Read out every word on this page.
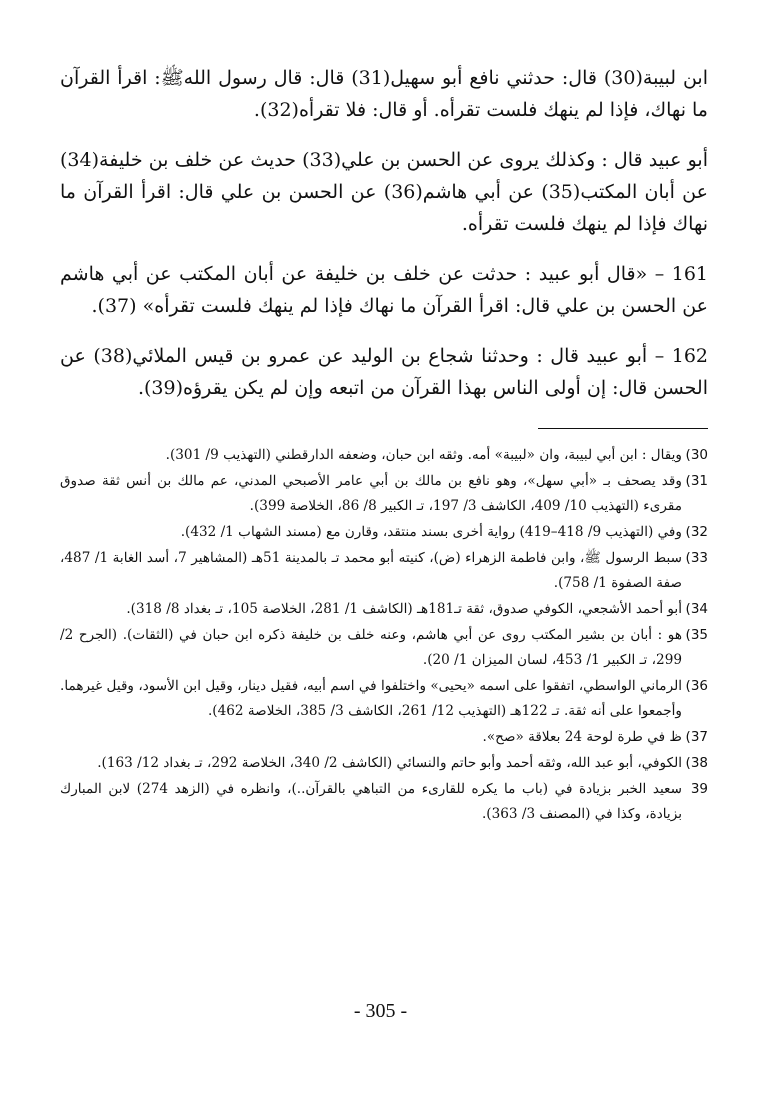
ابن لبيبة(30) قال: حدثني نافع أبو سهيل(31) قال: قال رسول اللهﷺ: اقرأ القرآن ما نهاك، فإذا لم ينهك فلست تقرأه. أو قال: فلا تقرأه(32).

أبو عبيد قال : وكذلك يروى عن الحسن بن علي(33) حديث عن خلف بن خليفة(34) عن أبان المكتب(35) عن أبي هاشم(36) عن الحسن بن علي قال: اقرأ القرآن ما نهاك فإذا لم ينهك فلست تقرأه.

161 – «قال أبو عبيد : حدثت عن خلف بن خليفة عن أبان المكتب عن أبي هاشم عن الحسن بن علي قال: اقرأ القرآن ما نهاك فإذا لم ينهك فلست تقرأه» (37).

162 – أبو عبيد قال : وحدثنا شجاع بن الوليد عن عمرو بن قيس الملائي(38) عن الحسن قال: إن أولى الناس بهذا القرآن من اتبعه وإن لم يكن يقرؤه(39).

30)
ويقال : ابن أبي لبيبة، وان «لبيبة» أمه. وثقه ابن حبان، وضعفه الدارقطني (التهذيب 9/ 301).
31)
وقد يصحف بـ «أبي سهل»، وهو نافع بن مالك بن أبي عامر الأصبحي المدني، عم مالك بن أنس ثقة صدوق مقرىء (التهذيب 10/ 409، الكاشف 3/ 197، تـ الكبير 8/ 86، الخلاصة 399).
32)
وفي (التهذيب 9/ 418–419) رواية أخرى بسند منتقد، وقارن مع (مسند الشهاب 1/ 432).
33)
سبط الرسول ﷺ، وابن فاطمة الزهراء (ض)، كنيته أبو محمد تـ بالمدينة 51هـ (المشاهير 7، أسد الغابة 1/ 487، صفة الصفوة 1/ 758).
34)
أبو أحمد الأشجعي، الكوفي صدوق، ثقة تـ181هـ (الكاشف 1/ 281، الخلاصة 105، تـ بغداد 8/ 318).
35)
هو : أبان بن بشير المكتب روى عن أبي هاشم، وعنه خلف بن خليفة ذكره ابن حبان في (الثقات). (الجرح 2/ 299، تـ الكبير 1/ 453، لسان الميزان 1/ 20).
36)
الرماني الواسطي، اتفقوا على اسمه «يحيى» واختلفوا في اسم أبيه، فقيل دينار، وقيل ابن الأسود، وقيل غيرهما. وأجمعوا على أنه ثقة. تـ 122هـ (التهذيب 12/ 261، الكاشف 3/ 385، الخلاصة 462).
37)
ظ في طرة لوحة 24 بعلاقة «صح».
38)
الكوفي، أبو عبد الله، وثقه أحمد وأبو حاتم والنسائي (الكاشف 2/ 340، الخلاصة 292، تـ بغداد 12/ 163).
39
سعيد الخبر بزيادة في (باب ما يكره للقارىء من التباهي بالقرآن..)، وانظره في (الزهد 274) لابن المبارك بزيادة، وكذا في (المصنف 3/ 363).
- 305 -
